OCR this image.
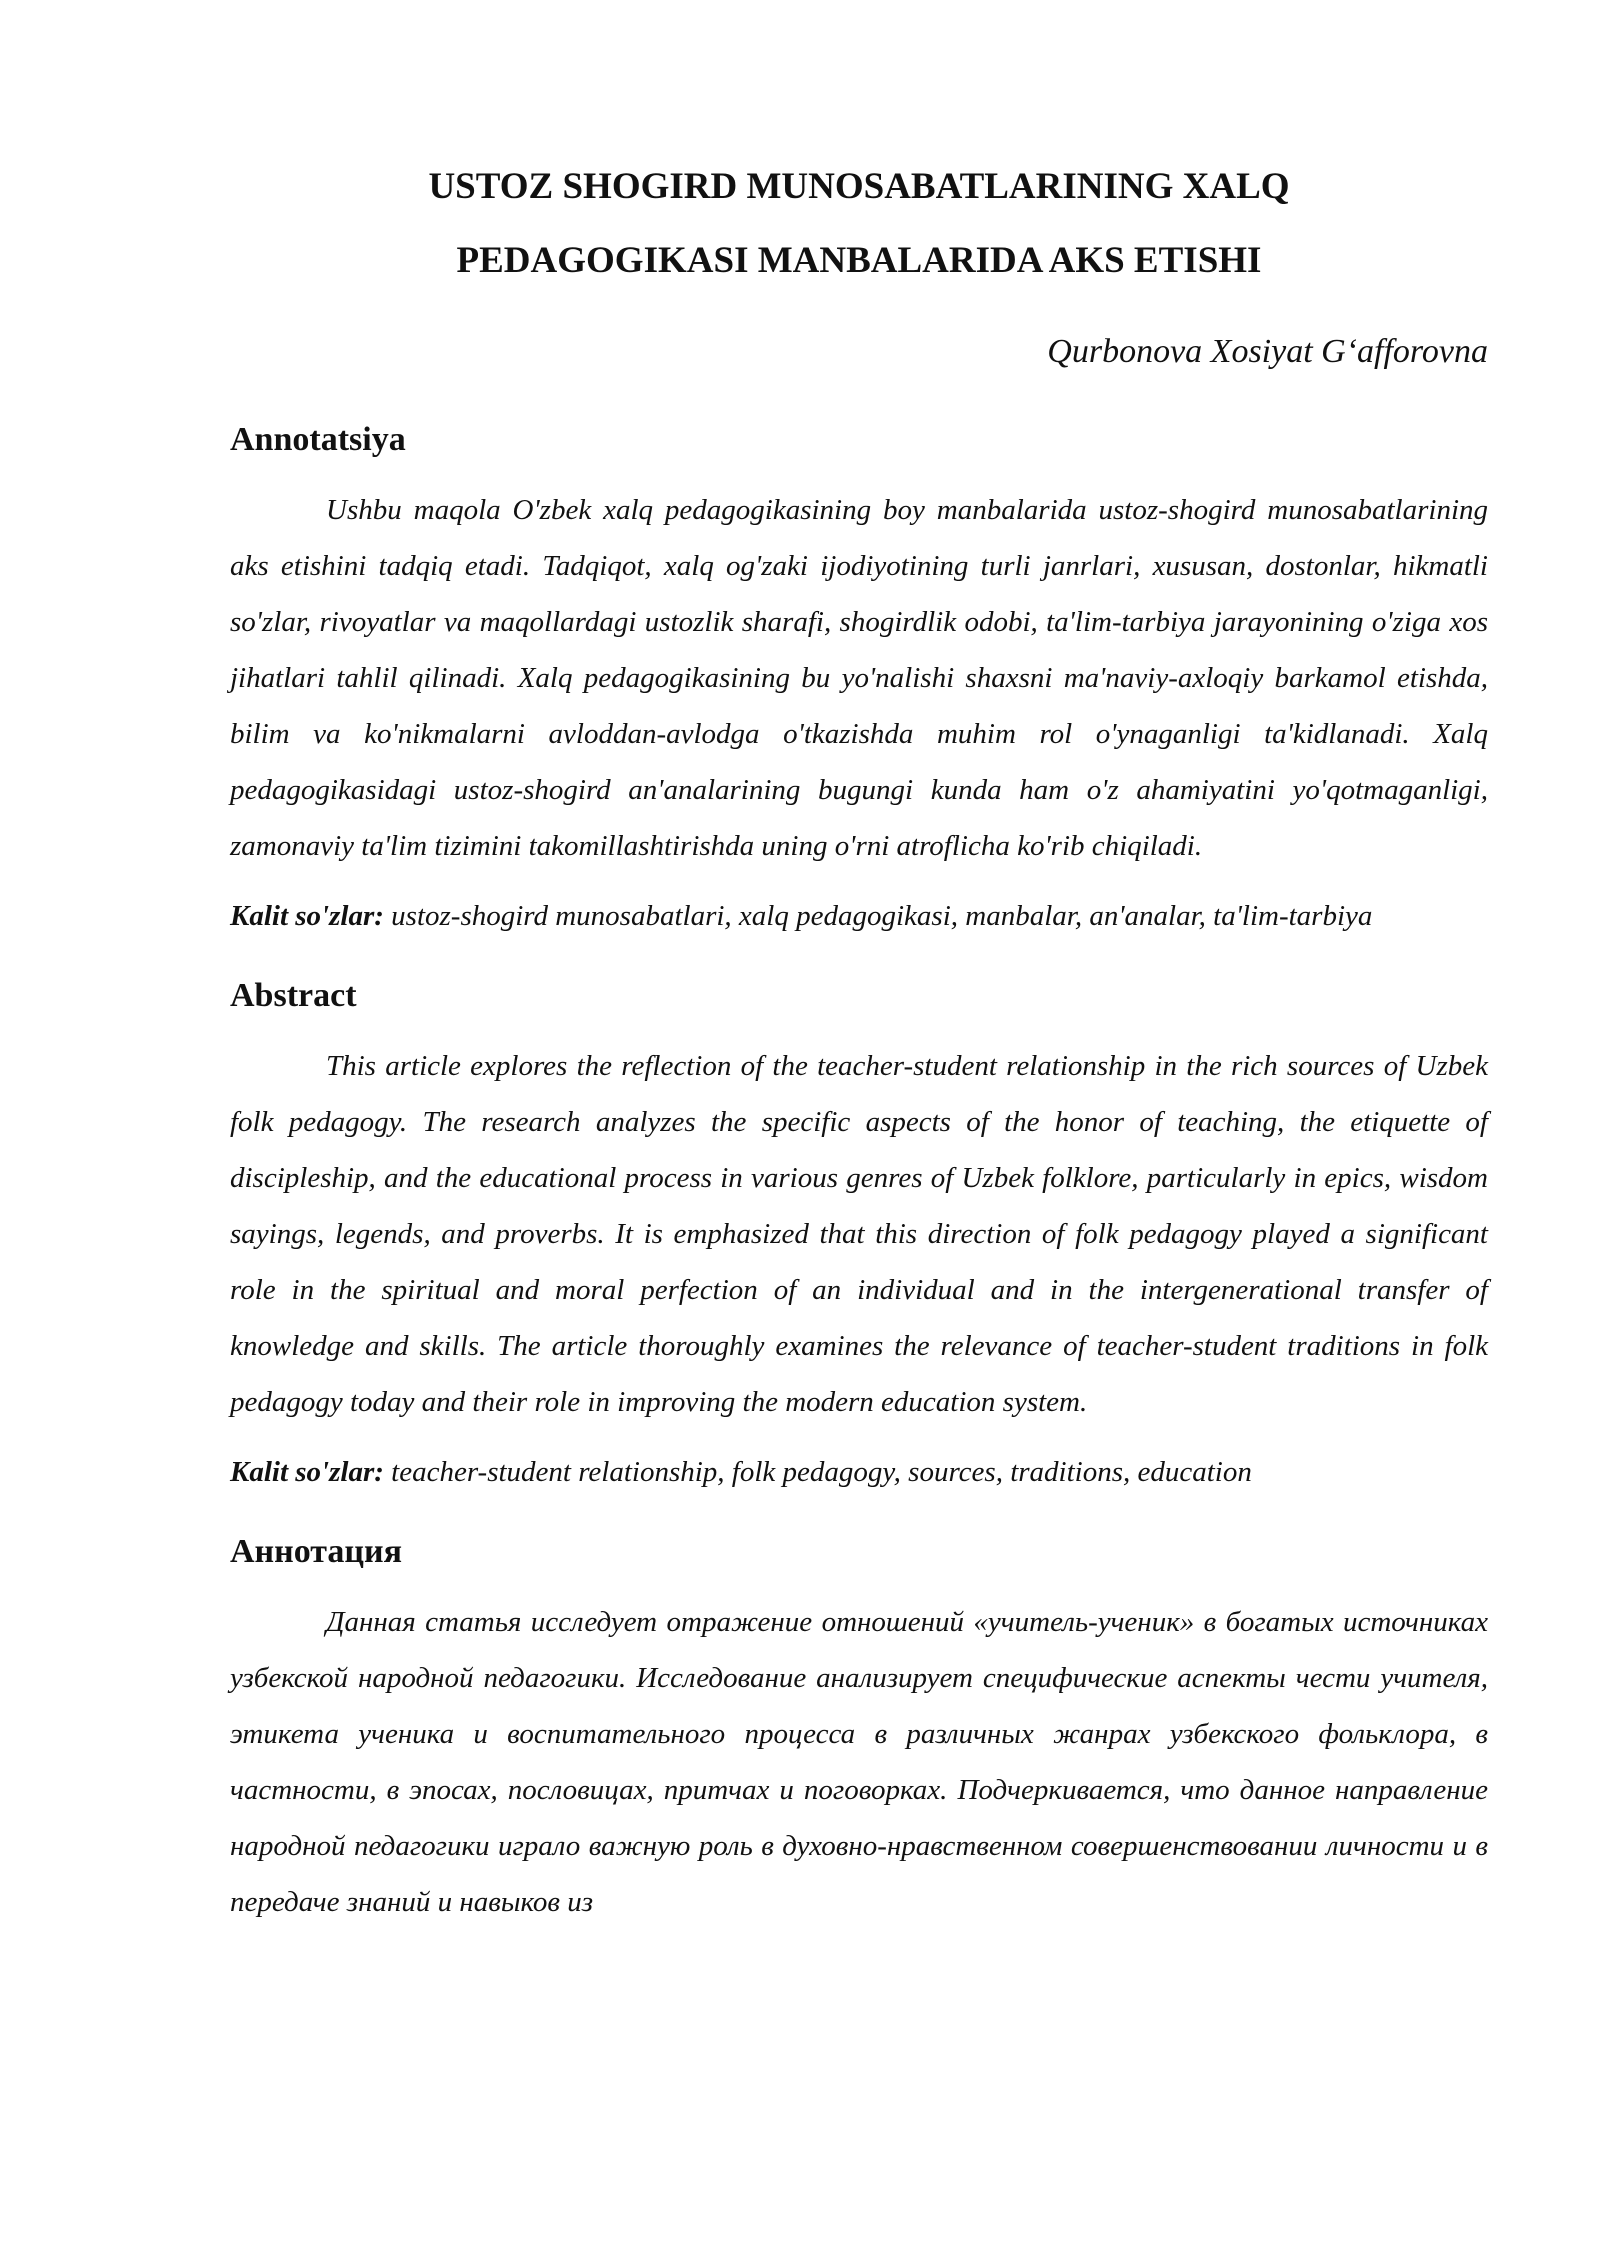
USTOZ SHOGIRD MUNOSABATLARINING XALQ
PEDAGOGIKASI MANBALARIDA AKS ETISHI
Qurbonova Xosiyat G‘afforovna
Annotatsiya

Ushbu maqola O'zbek xalq pedagogikasining boy manbalarida ustoz-shogird munosabatlarining aks etishini tadqiq etadi. Tadqiqot, xalq og'zaki ijodiyotining turli janrlari, xususan, dostonlar, hikmatli so'zlar, rivoyatlar va maqollardagi ustozlik sharafi, shogirdlik odobi, ta'lim-tarbiya jarayonining o'ziga xos jihatlari tahlil qilinadi. Xalq pedagogikasining bu yo'nalishi shaxsni ma'naviy-axloqiy barkamol etishda, bilim va ko'nikmalarni avloddan-avlodga o'tkazishda muhim rol o'ynaganligi ta'kidlanadi. Xalq pedagogikasidagi ustoz-shogird an'analarining bugungi kunda ham o'z ahamiyatini yo'qotmaganligi, zamonaviy ta'lim tizimini takomillashtirishda uning o'rni atroflicha ko'rib chiqiladi.

Kalit so'zlar: ustoz-shogird munosabatlari, xalq pedagogikasi, manbalar, an'analar, ta'lim-tarbiya

Abstract

This article explores the reflection of the teacher-student relationship in the rich sources of Uzbek folk pedagogy. The research analyzes the specific aspects of the honor of teaching, the etiquette of discipleship, and the educational process in various genres of Uzbek folklore, particularly in epics, wisdom sayings, legends, and proverbs. It is emphasized that this direction of folk pedagogy played a significant role in the spiritual and moral perfection of an individual and in the intergenerational transfer of knowledge and skills. The article thoroughly examines the relevance of teacher-student traditions in folk pedagogy today and their role in improving the modern education system.

Kalit so'zlar: teacher-student relationship, folk pedagogy, sources, traditions, education

Аннотация

Данная статья исследует отражение отношений «учитель-ученик» в богатых источниках узбекской народной педагогики. Исследование анализирует специфические аспекты чести учителя, этикета ученика и воспитательного процесса в различных жанрах узбекского фольклора, в частности, в эпосах, пословицах, притчах и поговорках. Подчеркивается, что данное направление народной педагогики играло важную роль в духовно-нравственном совершенствовании личности и в передаче знаний и навыков из
